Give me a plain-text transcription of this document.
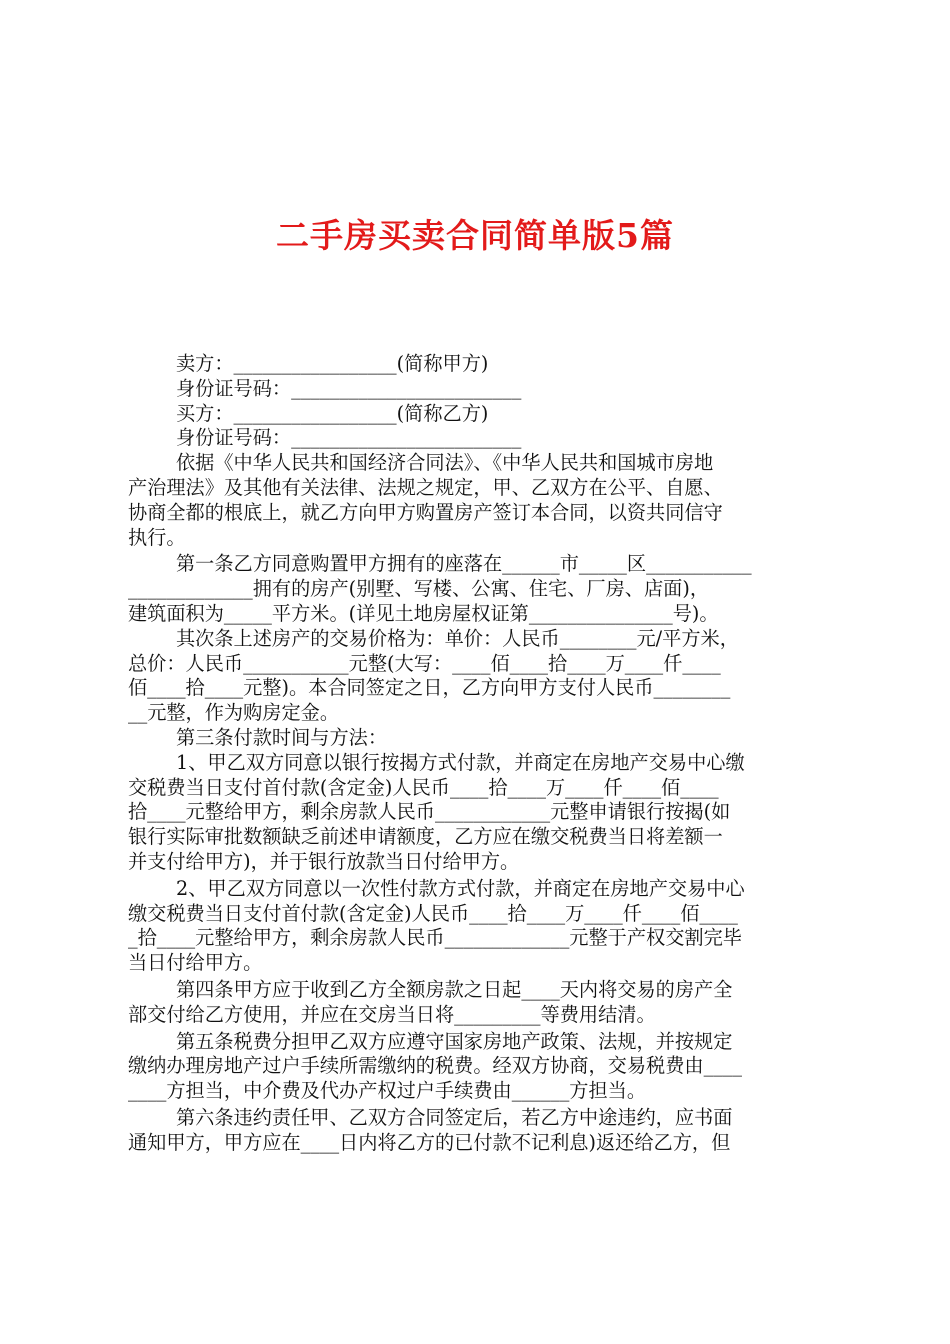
二手房买卖合同简单版5篇

卖方：_________________(简称甲方)

身份证号码：________________________

买方：_________________(简称乙方)

身份证号码：________________________

依据《中华人民共和国经济合同法》、《中华人民共和国城市房地

产治理法》及其他有关法律、法规之规定，甲、乙双方在公平、自愿、

协商全都的根底上，就乙方向甲方购置房产签订本合同，以资共同信守

执行。

第一条乙方同意购置甲方拥有的座落在______市_____区___________

_____________拥有的房产(别墅、写楼、公寓、住宅、厂房、店面)，

建筑面积为_____平方米。(详见土地房屋权证第_______________号)。

其次条上述房产的交易价格为：单价：人民币________元/平方米，

总价：人民币___________元整(大写：____佰____拾____万____仟____

佰____拾____元整)。本合同签定之日，乙方向甲方支付人民币________

__元整，作为购房定金。

第三条付款时间与方法：

1、甲乙双方同意以银行按揭方式付款，并商定在房地产交易中心缴

交税费当日支付首付款(含定金)人民币____拾____万____仟____佰____

拾____元整给甲方，剩余房款人民币____________元整申请银行按揭(如

银行实际审批数额缺乏前述申请额度，乙方应在缴交税费当日将差额一

并支付给甲方)，并于银行放款当日付给甲方。

2、甲乙双方同意以一次性付款方式付款，并商定在房地产交易中心

缴交税费当日支付首付款(含定金)人民币____拾____万____仟____佰____

_拾____元整给甲方，剩余房款人民币_____________元整于产权交割完毕

当日付给甲方。

第四条甲方应于收到乙方全额房款之日起____天内将交易的房产全

部交付给乙方使用，并应在交房当日将_________等费用结清。

第五条税费分担甲乙双方应遵守国家房地产政策、法规，并按规定

缴纳办理房地产过户手续所需缴纳的税费。经双方协商，交易税费由____

____方担当，中介费及代办产权过户手续费由______方担当。

第六条违约责任甲、乙双方合同签定后，若乙方中途违约，应书面

通知甲方，甲方应在____日内将乙方的已付款不记利息)返还给乙方，但
